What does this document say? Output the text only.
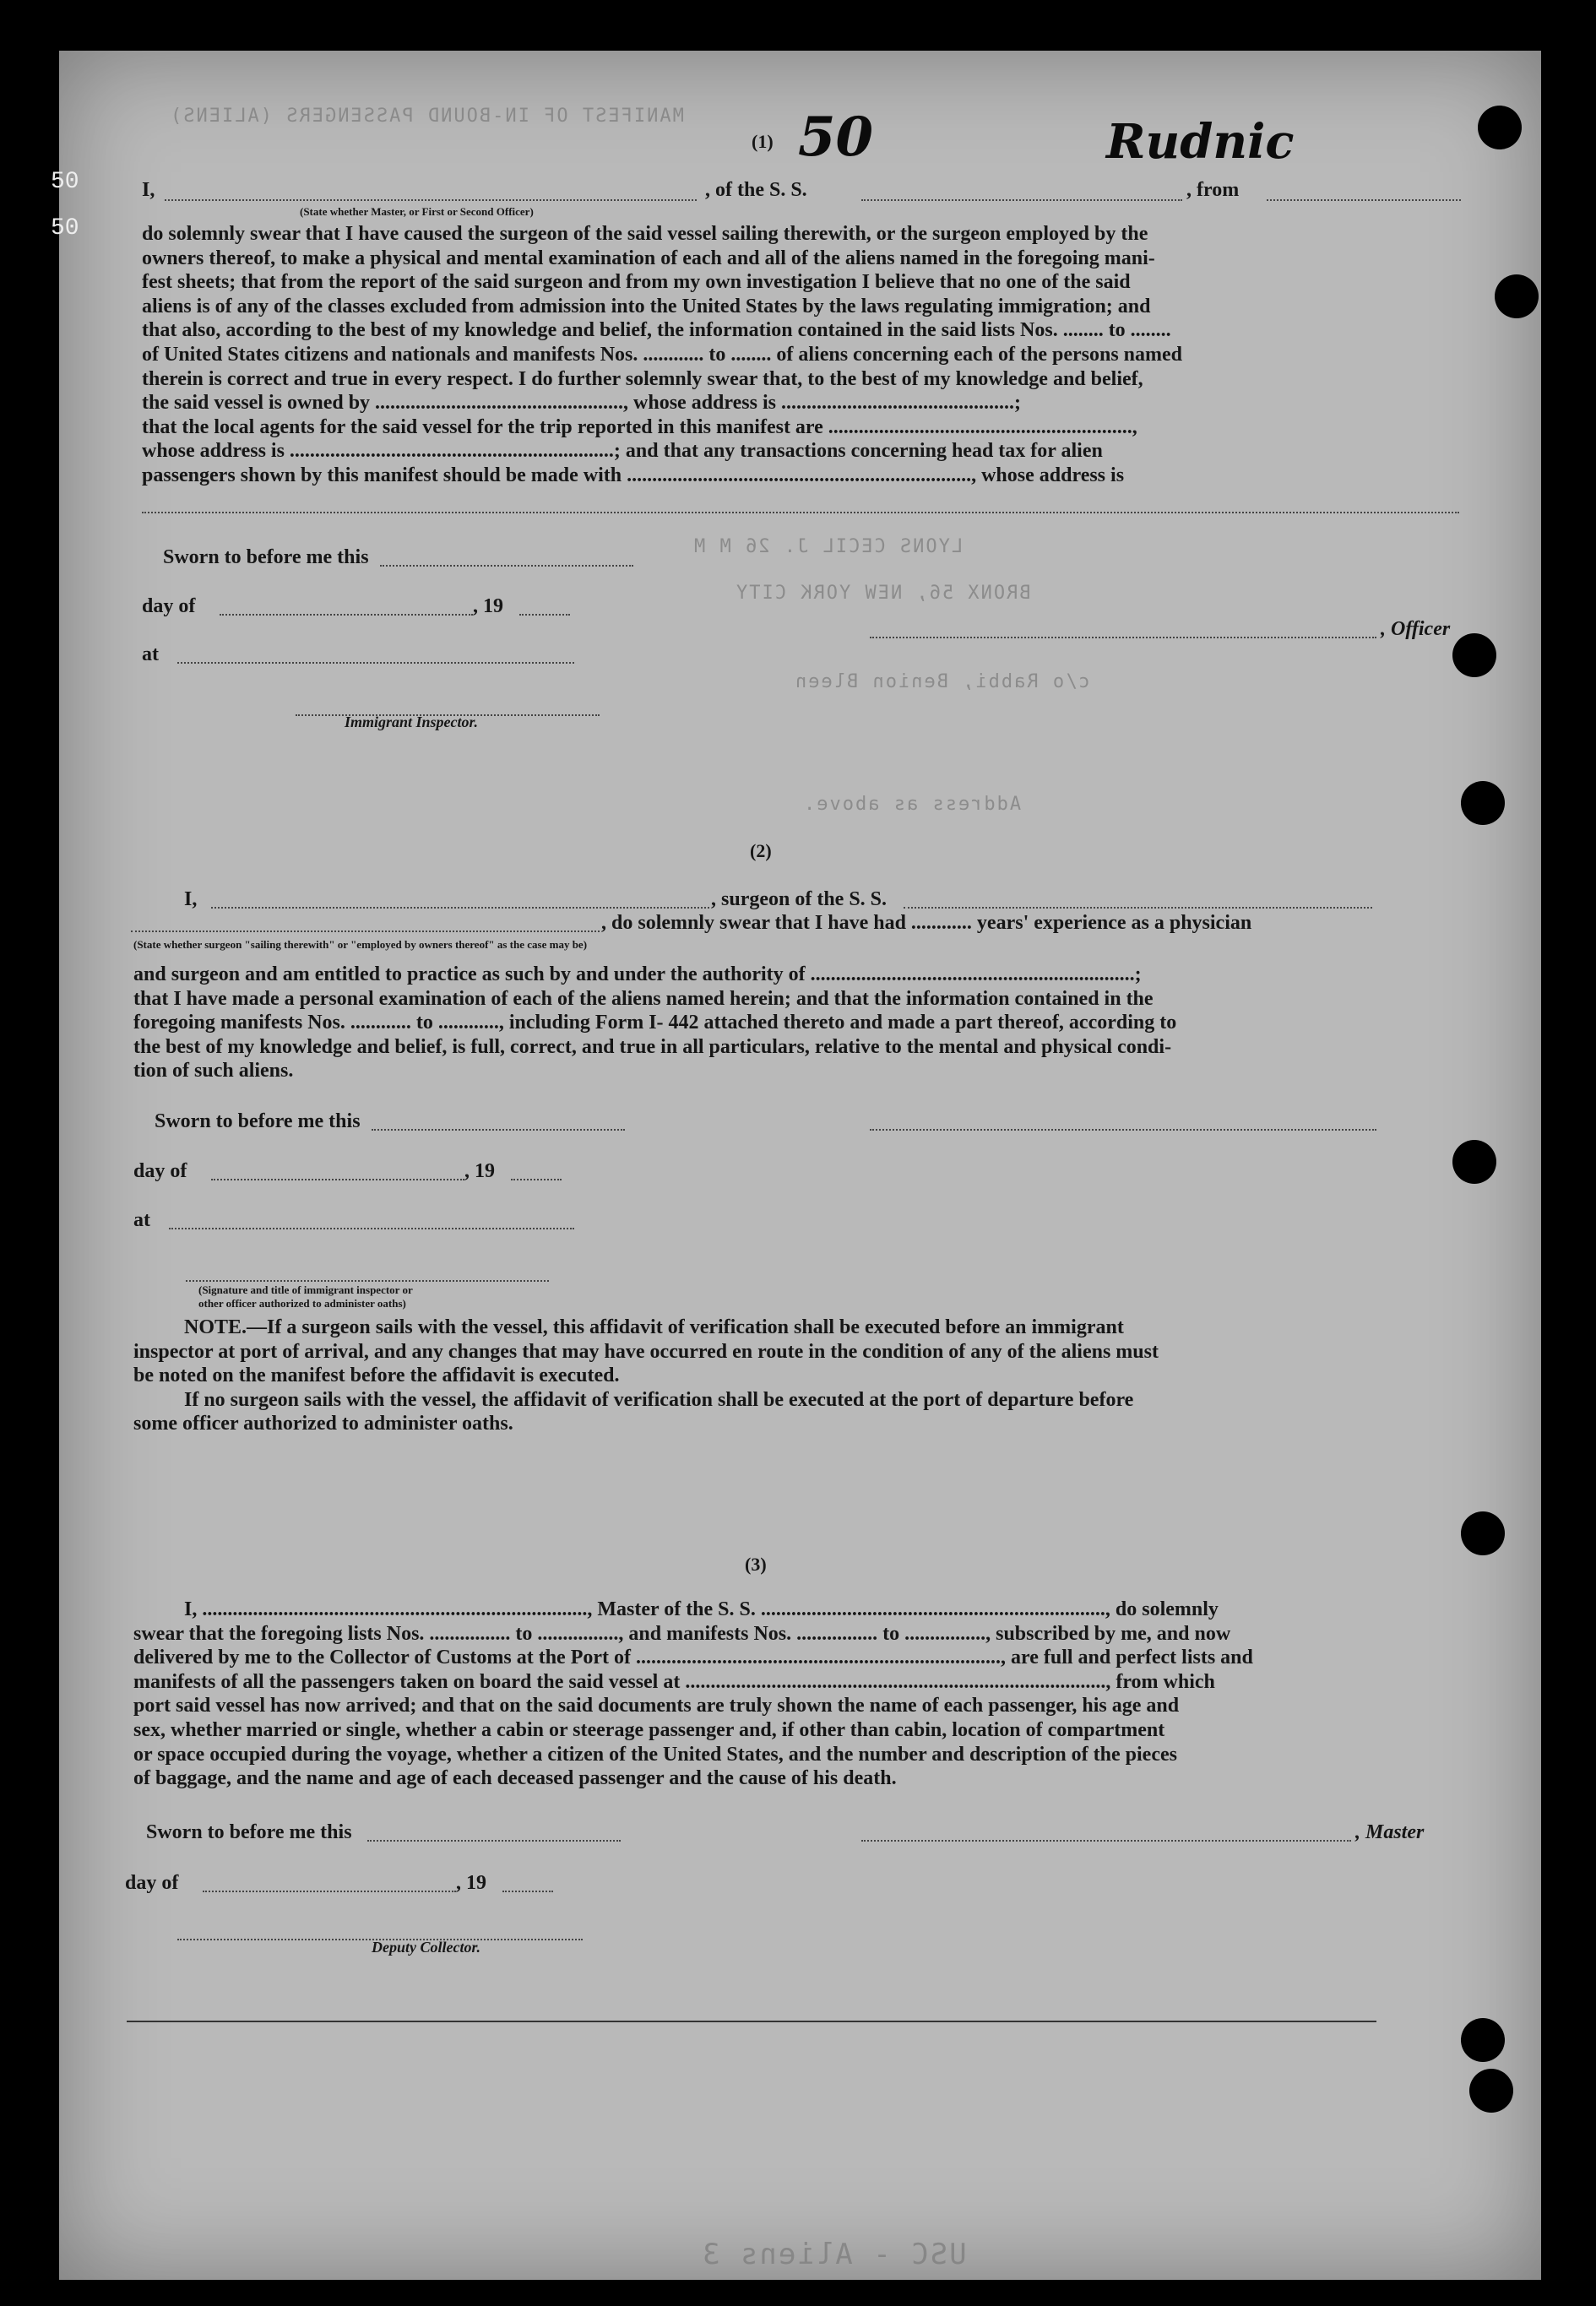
MANIFEST OF IN-BOUND PASSENGERS (ALIENS)
LYONS CECIL J. 26 M M
BRONX 56, NEW YORK CITY
c/o Rabbi, Benion Bleen
Address as above.
(1) 50	Rudnic
50
50
I,	, of the S. S.	, from
(State whether Master, or First or Second Officer)
do solemnly swear that I have caused the surgeon of the said vessel sailing therewith, or the surgeon employed by the
owners thereof, to make a physical and mental examination of each and all of the aliens named in the foregoing mani-
fest sheets; that from the report of the said surgeon and from my own investigation I believe that no one of the said
aliens is of any of the classes excluded from admission into the United States by the laws regulating immigration; and
that also, according to the best of my knowledge and belief, the information contained in the said lists Nos. ........ to ........
of United States citizens and nationals and manifests Nos. ............ to ........ of aliens concerning each of the persons named
therein is correct and true in every respect. I do further solemnly swear that, to the best of my knowledge and belief,
the said vessel is owned by ................................................., whose address is ..............................................;
that the local agents for the said vessel for the trip reported in this manifest are ............................................................,
whose address is ................................................................; and that any transactions concerning head tax for alien
passengers shown by this manifest should be made with ...................................................................., whose address is
Sworn to before me this
day of	, 19
at
, Officer
Immigrant Inspector.
(2)
I,	, surgeon of the S. S.
, do solemnly swear that I have had ............ years' experience as a physician
(State whether surgeon "sailing therewith" or "employed by owners thereof" as the case may be)
and surgeon and am entitled to practice as such by and under the authority of ................................................................;
that I have made a personal examination of each of the aliens named herein; and that the information contained in the
foregoing manifests Nos. ............ to ............, including Form I- 442 attached thereto and made a part thereof, according to
the best of my knowledge and belief, is full, correct, and true in all particulars, relative to the mental and physical condi-
tion of such aliens.
Sworn to before me this
day of	, 19
at
(Signature and title of immigrant inspector or
other officer authorized to administer oaths)
NOTE.—If a surgeon sails with the vessel, this affidavit of verification shall be executed before an immigrant
inspector at port of arrival, and any changes that may have occurred en route in the condition of any of the aliens must
be noted on the manifest before the affidavit is executed.
If no surgeon sails with the vessel, the affidavit of verification shall be executed at the port of departure before
some officer authorized to administer oaths.
(3)
I, ............................................................................, Master of the S. S. ...................................................................., do solemnly
swear that the foregoing lists Nos. ................ to ................, and manifests Nos. ................ to ................, subscribed by me, and now
delivered by me to the Collector of Customs at the Port of ........................................................................, are full and perfect lists and
manifests of all the passengers taken on board the said vessel at ..................................................................................., from which
port said vessel has now arrived; and that on the said documents are truly shown the name of each passenger, his age and
sex, whether married or single, whether a cabin or steerage passenger and, if other than cabin, location of compartment
or space occupied during the voyage, whether a citizen of the United States, and the number and description of the pieces
of baggage, and the name and age of each deceased passenger and the cause of his death.
Sworn to before me this	, Master
day of	, 19
Deputy Collector.
USC - Aliens 3
